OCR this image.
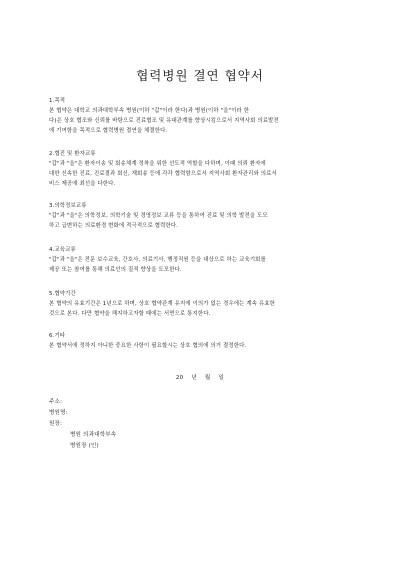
협력병원 결연 협약서
1.목적
본 협약은 대학교 의과대학부속 병원(이하 "갑"이라 한다)과 병원(이하 "을"이라 한
다)은 상호 협조와 신뢰를 바탕으로 진료협조 및 유대관계를 향상시킴으로서 지역사회 의료발전
에 기여함을 목적으로 협력병원 결연을 체결한다.
2.협진 및 환자교류
"갑"과 "을"은 환자이송 및 회송체계 정착을 위한 선도적 역할을 다하며, 이때 의뢰 환자에
대한 신속한 진료, 진료결과 회신, 재회송 등에 각각 협력함으로서 지역사회 환자관리와 의료서
비스 제공에 최선을 다한다.
3.의학정보교류
"갑"과 "을"은 의학정보, 의학기술 및 경영정보 교류 등을 통하여 진료 및 의학 발전을 도모
하고 급변하는 의료환경 변화에 적극적으로 협력한다.
4.교육교류
"갑"과 "을"은 전문 보수교육, 간호사, 의료기사, 행정직원 등을 대상으로 하는 교육기회를
제공 또는 참여를 통해 의료인의 질적 향상을 도모한다.
5.협약기간
본 협약의 유효기간은 1년으로 하며, 상호 협약관계 유지에 이의가 없는 경우에는 계속 유효한
것으로 본다. 다만 협약을 해지하고자할 때에는 서면으로 통지한다.
6.기타
본 협약서에 정하지 아니한 중요한 사항이 필요할시는 상호 협의에 의거 결정한다.
20 년 월 일
주소:
병원명:
원장:
병원 의과대학부속
병원장 (인)
